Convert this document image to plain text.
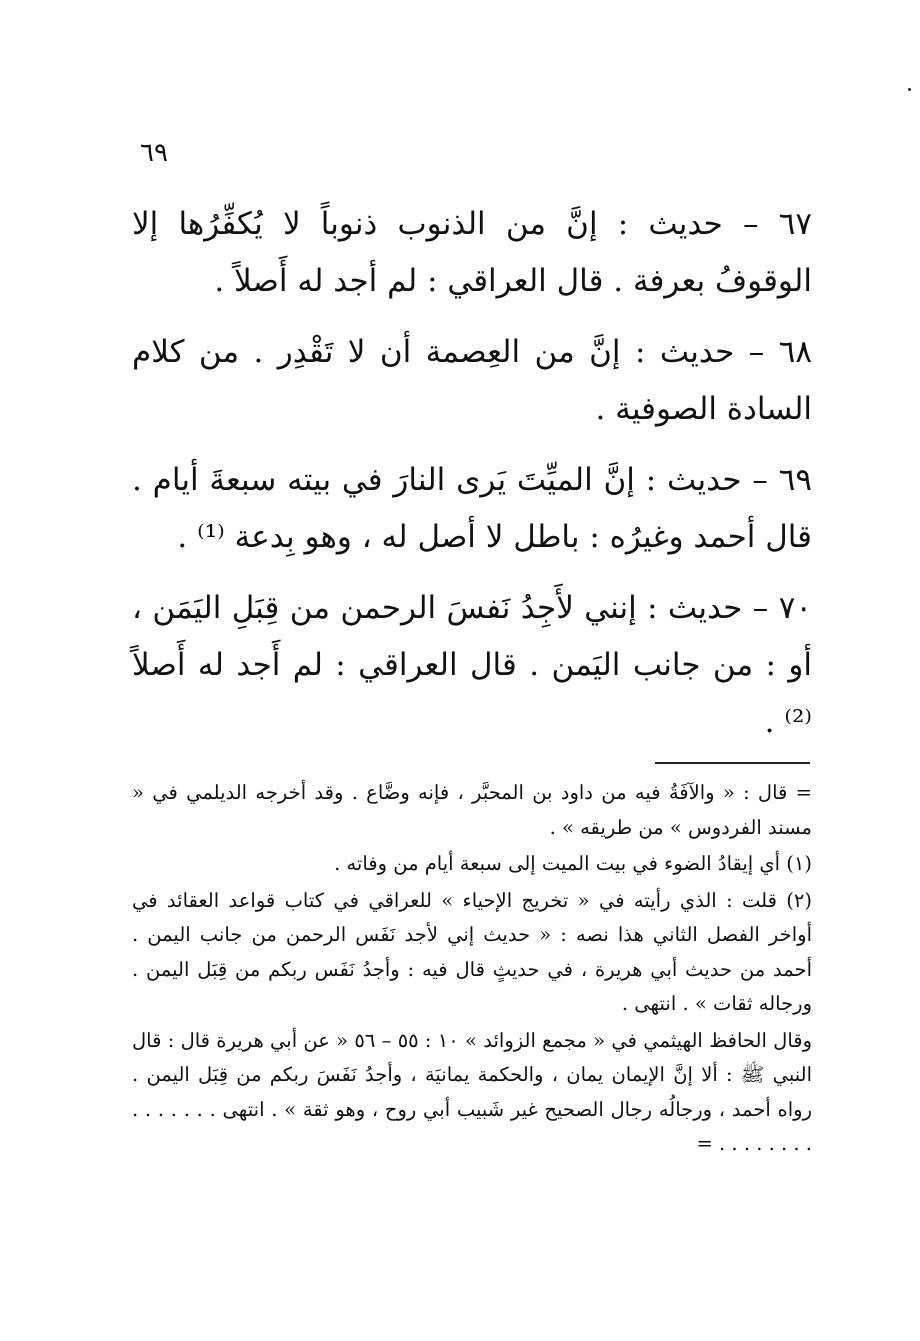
٦٩

٦٧ – حديث : إنَّ من الذنوب ذنوباً لا يُكفِّرُها إلا الوقوفُ بعرفة . قال العراقي : لم أجد له أَصلاً .

٦٨ – حديث : إنَّ من العِصمة أن لا تَقْدِر . من كلام السادة الصوفية .

٦٩ – حديث : إنَّ الميِّتَ يَرى النارَ في بيته سبعةَ أيام . قال أحمد وغيرُه : باطل لا أصل له ، وهو بِدعة ⁽¹⁾ .

٧٠ – حديث : إنني لأَجِدُ نَفسَ الرحمن من قِبَلِ اليَمَن ، أو : من جانب اليَمن . قال العراقي : لم أَجد له أَصلاً ⁽²⁾ .

= قال : « والآفَةُ فيه من داود بن المحبَّر ، فإنه وضَّاع . وقد أخرجه الديلمي في « مسند الفردوس » من طريقه » .

(١) أي إيقادُ الضوء في بيت الميت إلى سبعة أيام من وفاته .

(٢) قلت : الذي رأيته في « تخريج الإحياء » للعراقي في كتاب قواعد العقائد في أواخر الفصل الثاني هذا نصه : « حديث إني لأجد نَفَس الرحمن من جانب اليمن . أحمد من حديث أبي هريرة ، في حديثٍ قال فيه : وأجدُ نَفَس ربكم من قِبَل اليمن . ورجاله ثقات » . انتهى .

وقال الحافظ الهيثمي في « مجمع الزوائد » ١٠ : ٥٥ – ٥٦ « عن أبي هريرة قال : قال النبي ﷺ : ألا إنَّ الإيمان يمان ، والحكمة يمانيَة ، وأجدُ نَفَسَ ربكم من قِبَل اليمن . رواه أحمد ، ورجالُه رجال الصحيح غير شَبيب أبي روح ، وهو ثقة » . انتهى . . . . . . . . . . . . . . . =
